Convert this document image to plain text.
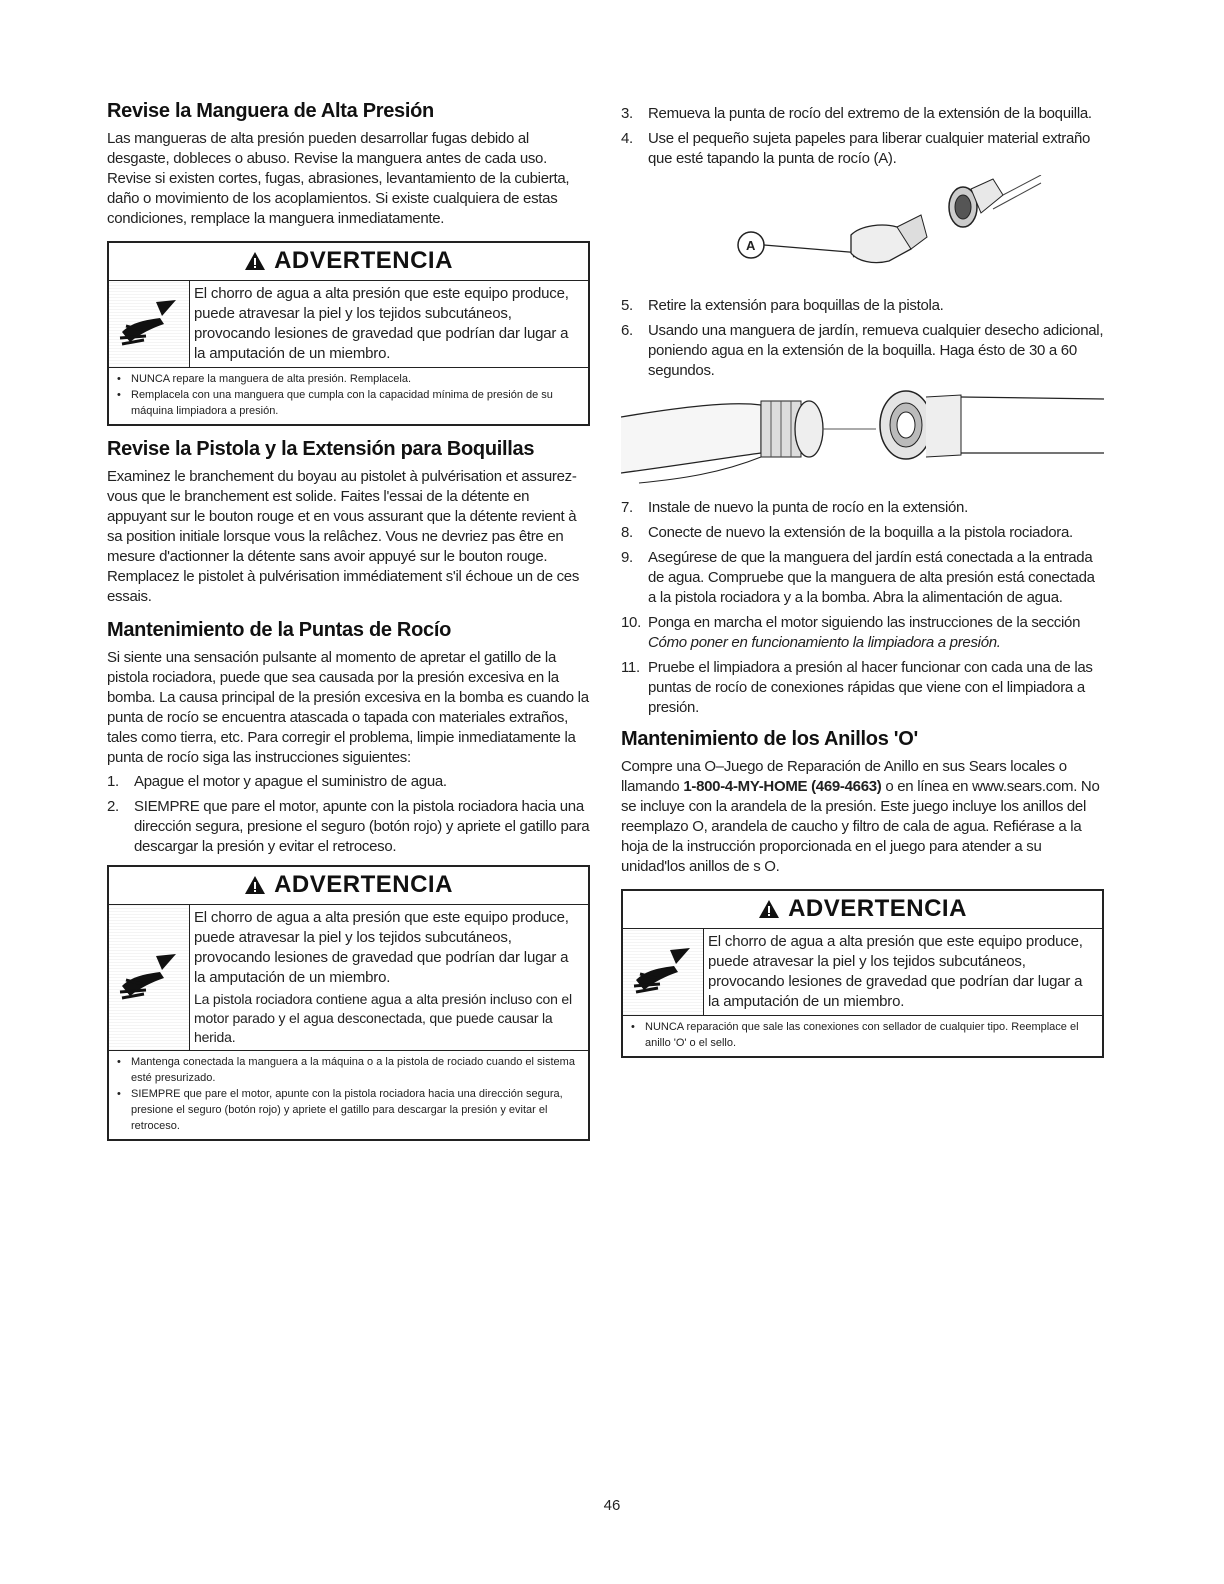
Revise la Manguera de Alta Presión

Las mangueras de alta presión pueden desarrollar fugas debido al desgaste, dobleces o abuso. Revise la manguera antes de cada uso. Revise si existen cortes, fugas, abrasiones, levantamiento de la cubierta, daño o movimiento de los acoplamientos. Si existe cualquiera de estas condiciones, remplace la manguera inmediatamente.

ADVERTENCIA
El chorro de agua a alta presión que este equipo produce, puede atravesar la piel y los tejidos subcutáneos, provocando lesiones de gravedad que podrían dar lugar a la amputación de un miembro.
• NUNCA repare la manguera de alta presión. Remplacela.
• Remplacela con una manguera que cumpla con la capacidad mínima de presión de su máquina limpiadora a presión.
Revise la Pistola y la Extensión para Boquillas

Examinez le branchement du boyau au pistolet à pulvérisation et assurez-vous que le branchement est solide. Faites l'essai de la détente en appuyant sur le bouton rouge et en vous assurant que la détente revient à sa position initiale lorsque vous la relâchez. Vous ne devriez pas être en mesure d'actionner la détente sans avoir appuyé sur le bouton rouge. Remplacez le pistolet à pulvérisation immédiatement s'il échoue un de ces essais.

Mantenimiento de la Puntas de Rocío

Si siente una sensación pulsante al momento de apretar el gatillo de la pistola rociadora, puede que sea causada por la presión excesiva en la bomba. La causa principal de la presión excesiva en la bomba es cuando la punta de rocío se encuentra atascada o tapada con materiales extraños, tales como tierra, etc. Para corregir el problema, limpie inmediatamente la punta de rocío siga las instrucciones siguientes:

1.	Apague el motor y apague el suministro de agua.
2.	SIEMPRE que pare el motor, apunte con la pistola rociadora hacia una dirección segura, presione el seguro (botón rojo) y apriete el gatillo para descargar la presión y evitar el retroceso.
ADVERTENCIA
El chorro de agua a alta presión que este equipo produce, puede atravesar la piel y los tejidos subcutáneos, provocando lesiones de gravedad que podrían dar lugar a la amputación de un miembro.
La pistola rociadora contiene agua a alta presión incluso con el motor parado y el agua desconectada, que puede causar la herida.
• Mantenga conectada la manguera a la máquina o a la pistola de rociado cuando el sistema esté presurizado.
• SIEMPRE que pare el motor, apunte con la pistola rociadora hacia una dirección segura, presione el seguro (botón rojo) y apriete el gatillo para descargar la presión y evitar el retroceso.
3.	Remueva la punta de rocío del extremo de la extensión de la boquilla.
4.	Use el pequeño sujeta papeles para liberar cualquier material extraño que esté tapando la punta de rocío (A).
A
5.	Retire la extensión para boquillas de la pistola.
6.	Usando una manguera de jardín, remueva cualquier desecho adicional, poniendo agua en la extensión de la boquilla. Haga ésto de 30 a 60 segundos.
7.	Instale de nuevo la punta de rocío en la extensión.
8.	Conecte de nuevo la extensión de la boquilla a la pistola rociadora.
9.	Asegúrese de que la manguera del jardín está conectada a la entrada de agua. Compruebe que la manguera de alta presión está conectada a la pistola rociadora y a la bomba. Abra la alimentación de agua.
10. Ponga en marcha el motor siguiendo las instrucciones de la sección Cómo poner en funcionamiento la limpiadora a presión.
11. Pruebe el limpiadora a presión al hacer funcionar con cada una de las puntas de rocío de conexiones rápidas que viene con el limpiadora a presión.
Mantenimiento de los Anillos 'O'

Compre una O–Juego de Reparación de Anillo en sus Sears locales o llamando 1-800-4-MY-HOME (469-4663) o en línea en www.sears.com. No se incluye con la arandela de la presión. Este juego incluye los anillos del reemplazo O, arandela de caucho y filtro de cala de agua. Refiérase a la hoja de la instrucción proporcionada en el juego para atender a su unidad'los anillos de s O.

ADVERTENCIA
El chorro de agua a alta presión que este equipo produce, puede atravesar la piel y los tejidos subcutáneos, provocando lesiones de gravedad que podrían dar lugar a la amputación de un miembro.
• NUNCA reparación que sale las conexiones con sellador de cualquier tipo. Reemplace el anillo 'O' o el sello.
46
